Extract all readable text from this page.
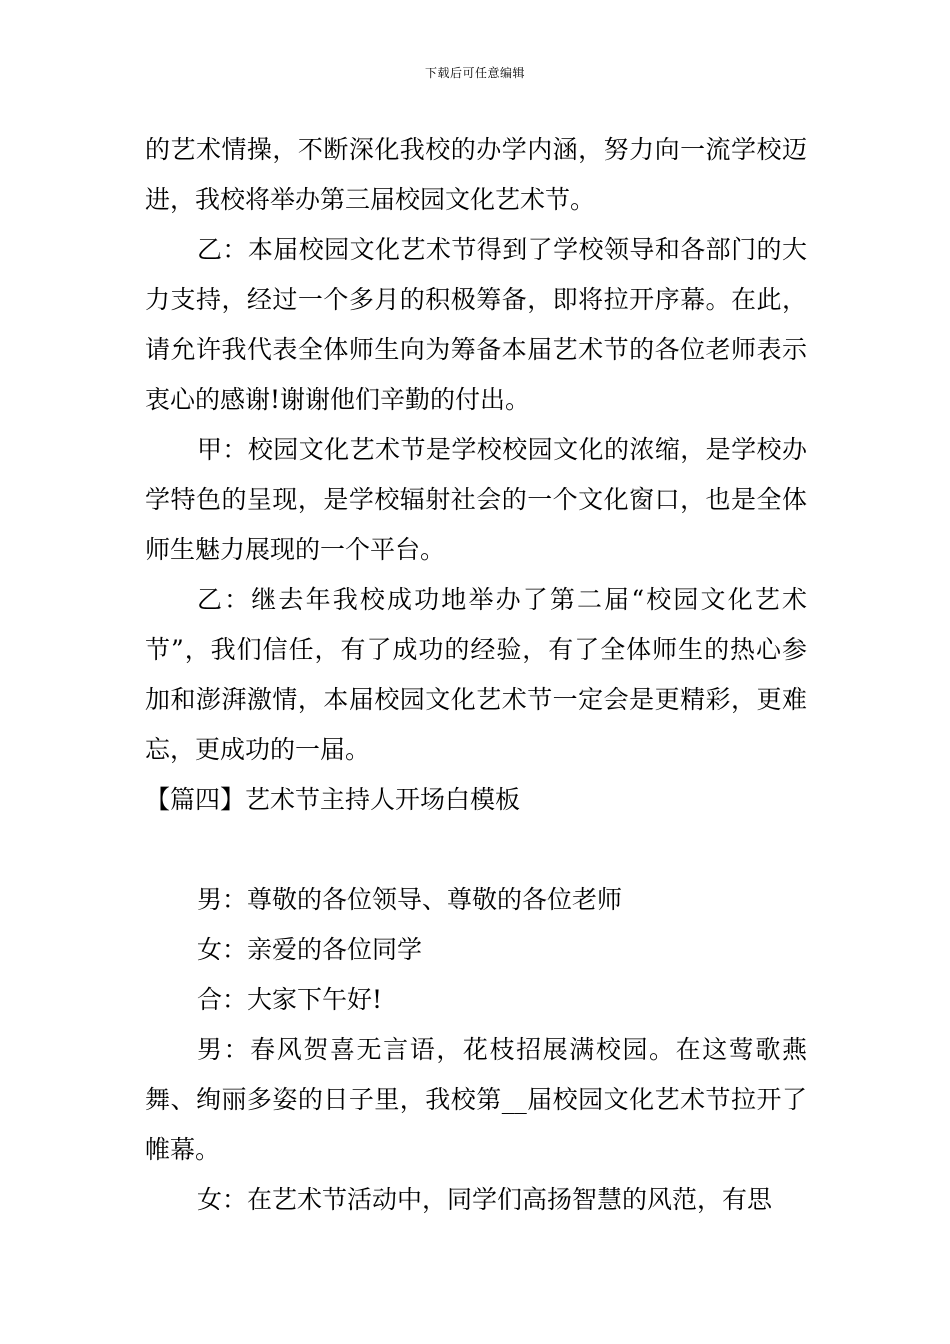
下载后可任意编辑

的艺术情操，不断深化我校的办学内涵，努力向一流学校迈进，我校将举办第三届校园文化艺术节。

乙：本届校园文化艺术节得到了学校领导和各部门的大力支持，经过一个多月的积极筹备，即将拉开序幕。在此，请允许我代表全体师生向为筹备本届艺术节的各位老师表示衷心的感谢!谢谢他们辛勤的付出。

甲：校园文化艺术节是学校校园文化的浓缩，是学校办学特色的呈现，是学校辐射社会的一个文化窗口，也是全体师生魅力展现的一个平台。

乙：继去年我校成功地举办了第二届“校园文化艺术节”，我们信任，有了成功的经验，有了全体师生的热心参加和澎湃激情，本届校园文化艺术节一定会是更精彩，更难忘，更成功的一届。

【篇四】艺术节主持人开场白模板

男：尊敬的各位领导、尊敬的各位老师

女：亲爱的各位同学

合：大家下午好!

男：春风贺喜无言语，花枝招展满校园。在这莺歌燕舞、绚丽多姿的日子里，我校第__届校园文化艺术节拉开了帷幕。

女：在艺术节活动中，同学们高扬智慧的风范，有思
